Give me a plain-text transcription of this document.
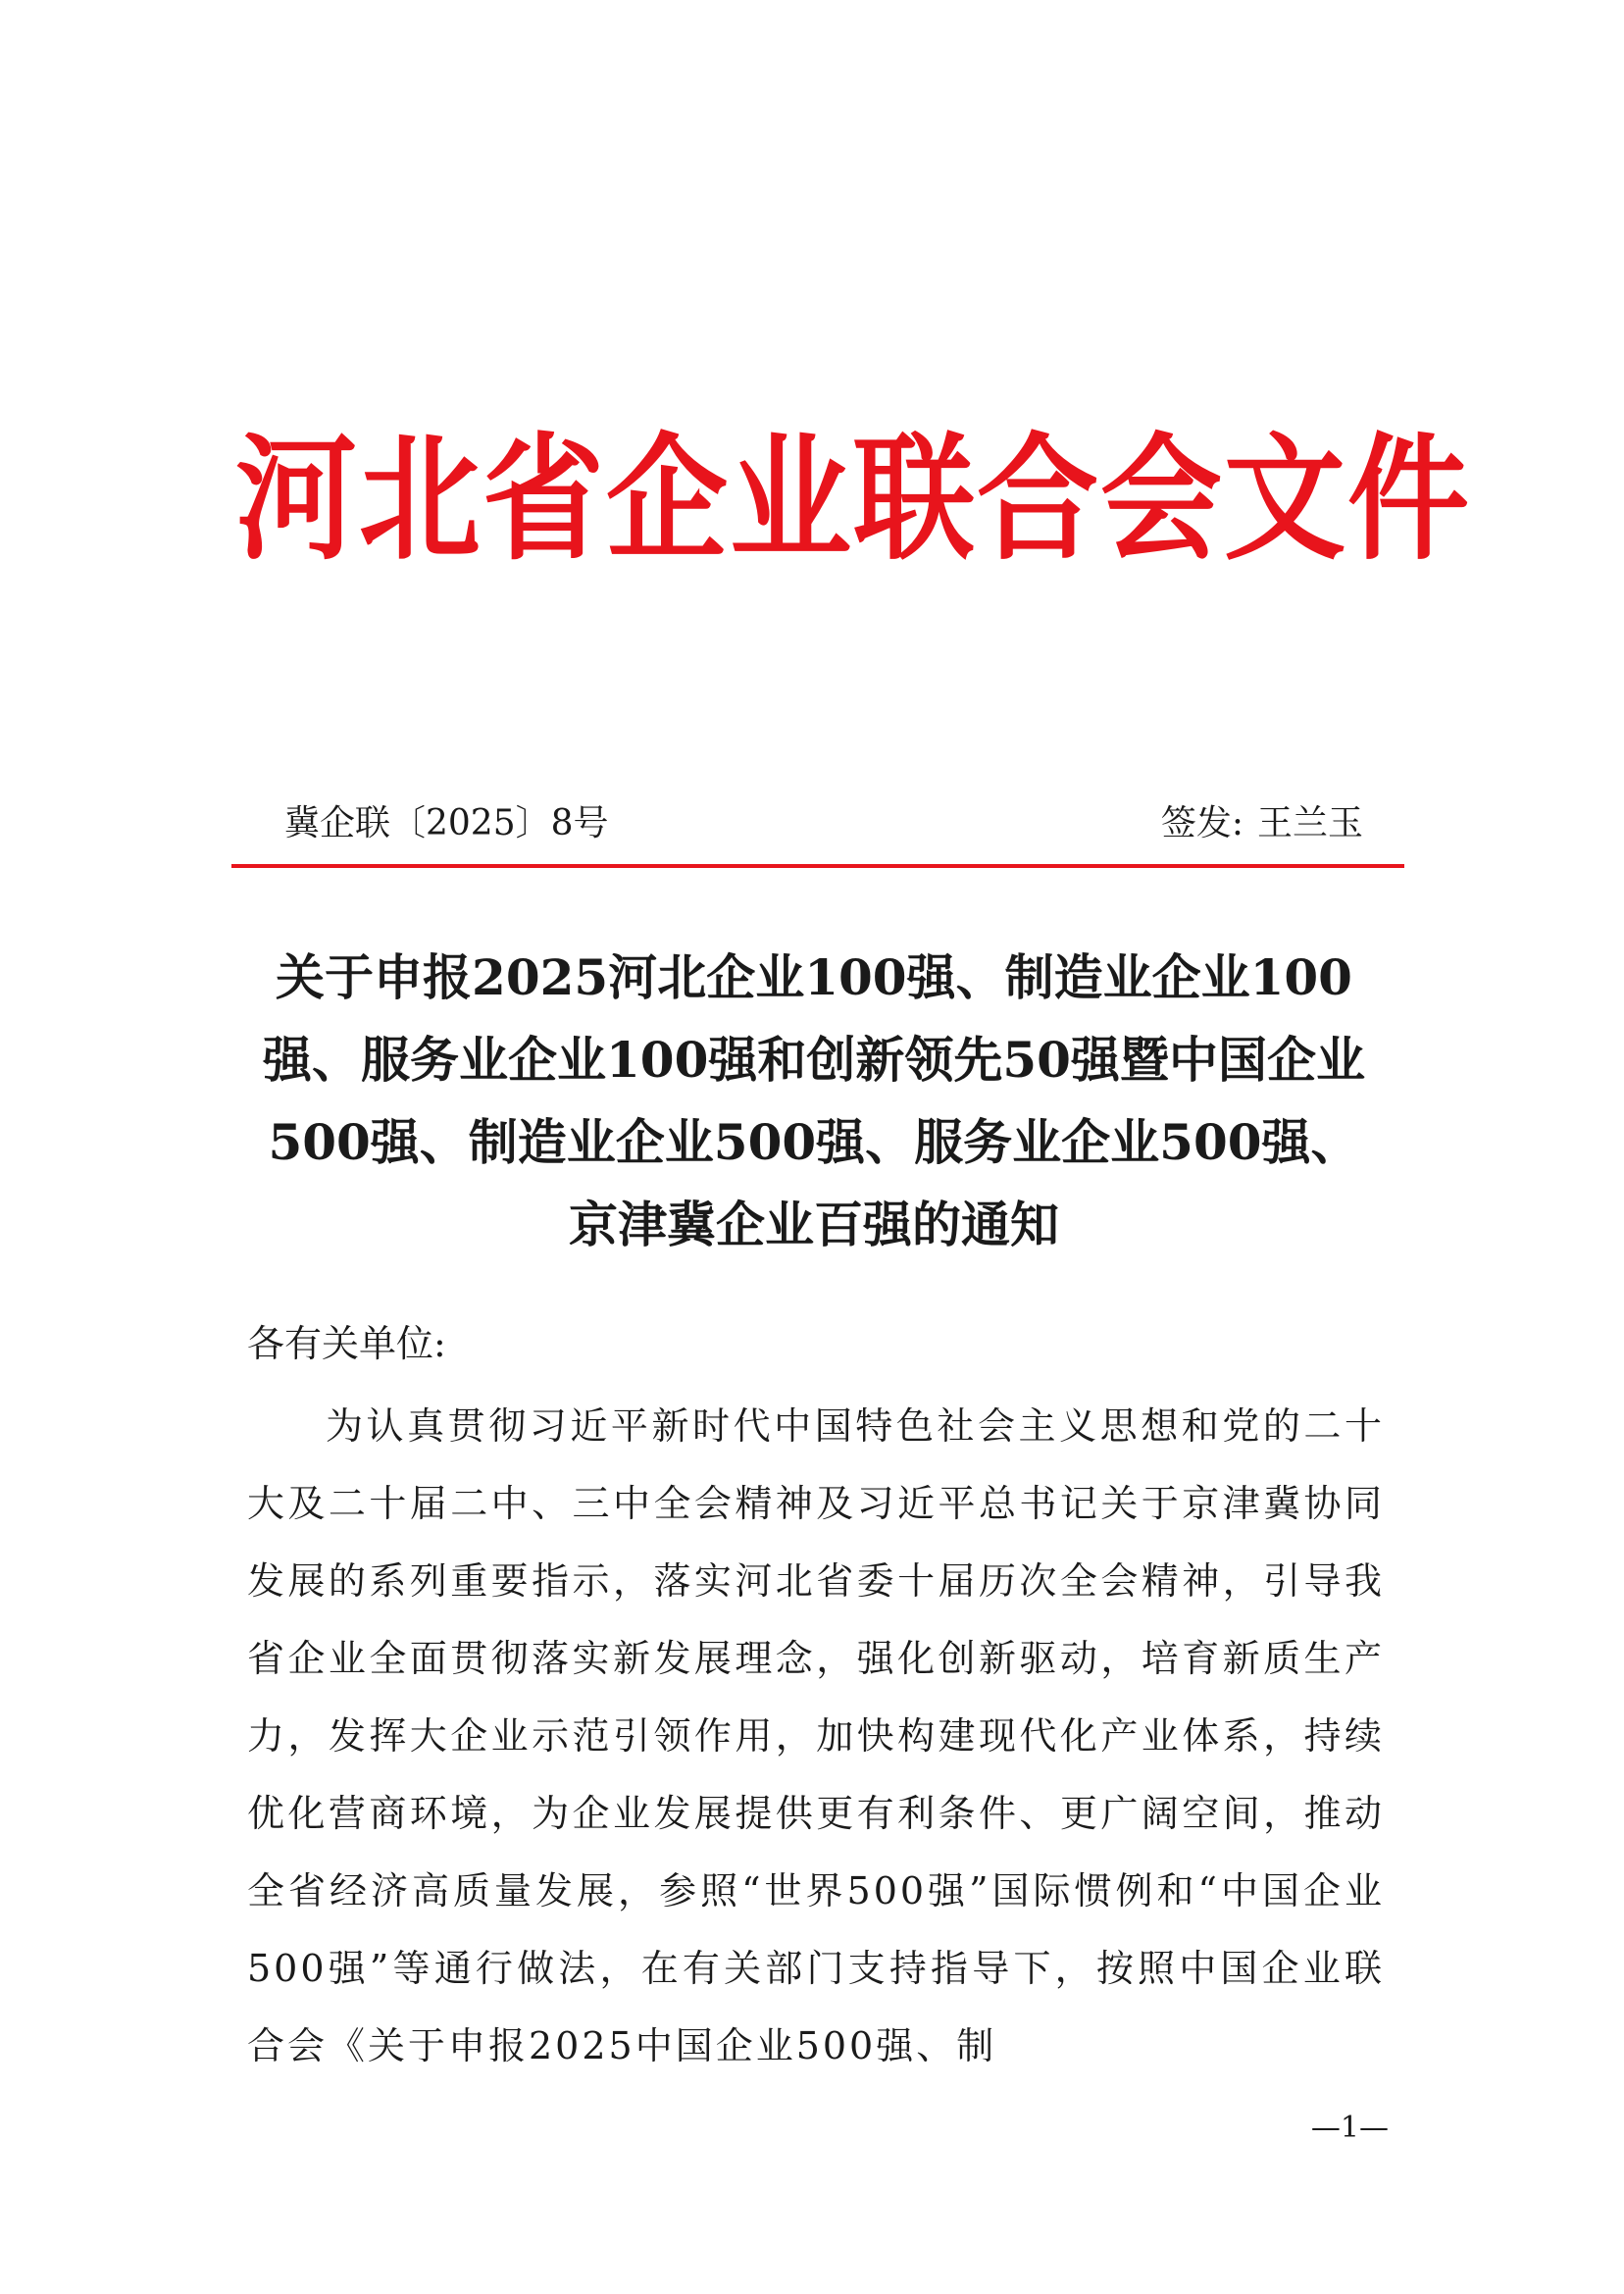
河北省企业联合会文件
冀企联〔2025〕8号	签发: 王兰玉
关于申报2025河北企业100强、制造业企业100强、服务业企业100强和创新领先50强暨中国企业500强、制造业企业500强、服务业企业500强、京津冀企业百强的通知
各有关单位:

为认真贯彻习近平新时代中国特色社会主义思想和党的二十大及二十届二中、三中全会精神及习近平总书记关于京津冀协同发展的系列重要指示，落实河北省委十届历次全会精神，引导我省企业全面贯彻落实新发展理念，强化创新驱动，培育新质生产力，发挥大企业示范引领作用，加快构建现代化产业体系，持续优化营商环境，为企业发展提供更有利条件、更广阔空间，推动全省经济高质量发展，参照“世界500强”国际惯例和“中国企业500强”等通行做法，在有关部门支持指导下，按照中国企业联合会《关于申报2025中国企业500强、制

—1—
